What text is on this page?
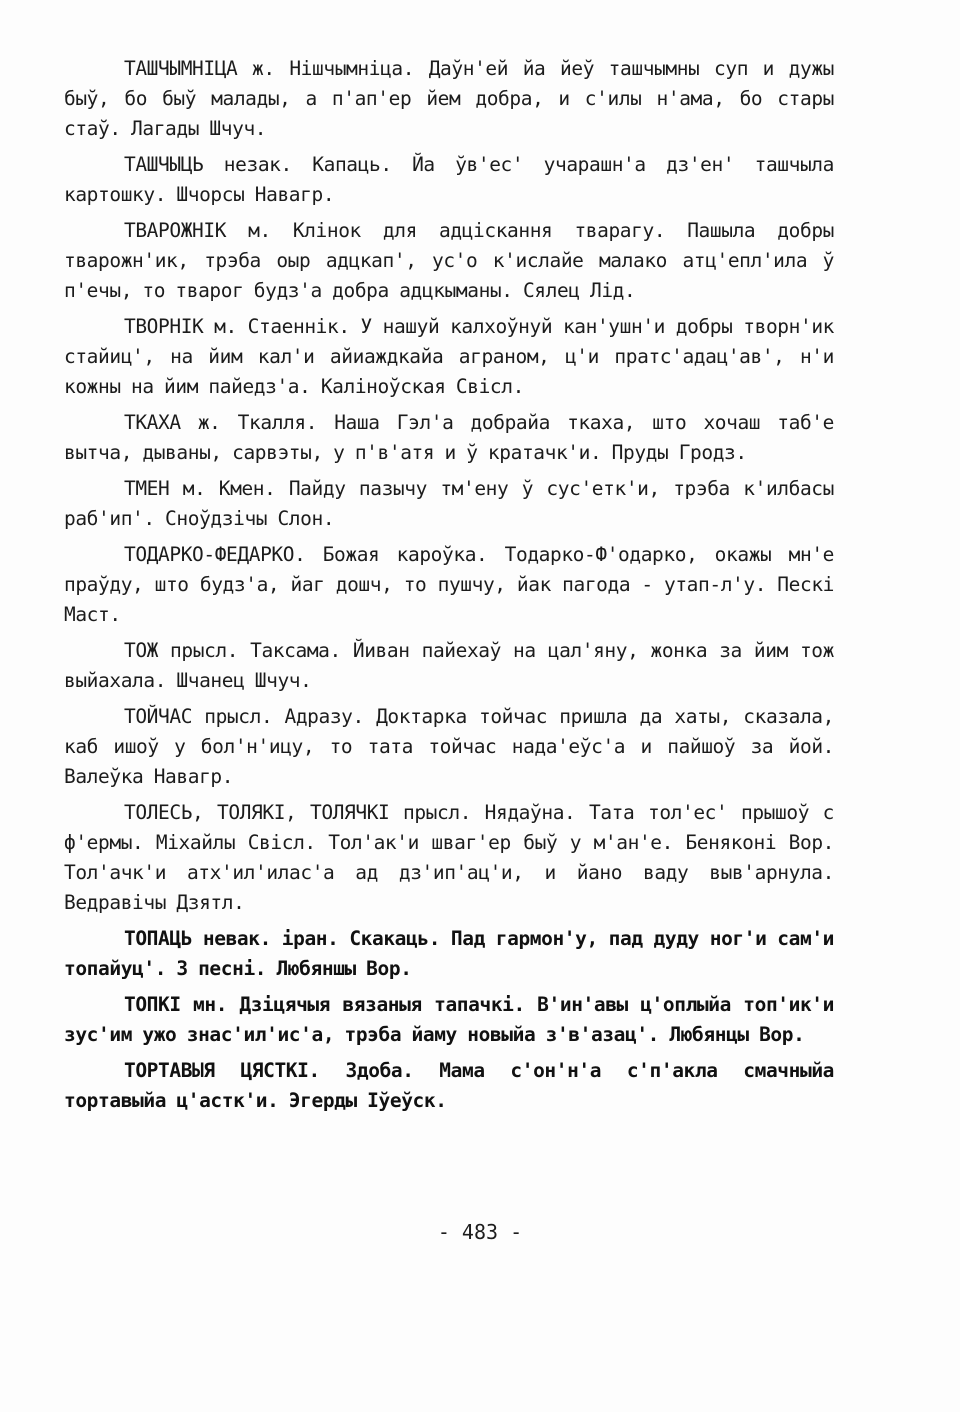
ТАШЧЫМНІЦА ж. Нішчымніца. Даўн'ей йа йеў ташчымны суп и дужы быў, бо быў малады, а п'ап'ер йем добра, и с'илы н'ама, бо стары стаў. Лагады Шчуч.

ТАШЧЫЦЬ незак. Капаць. Йа ўв'ес' учарашн'а дз'ен' ташчыла картошку. Шчорсы Навагр.

ТВАРОЖНІК м. Клінок для адціскання тварагу. Пашыла добры тварожн'ик, трэба оыр адцкап', ус'о к'ислайе малако атц'епл'ила ў п'ечы, то тварог будз'а добра адцкыманы. Сялец Лід.

ТВОРНІК м. Стаеннік. У нашуй калхоўнуй кан'ушн'и добры творн'ик стайиц', на йим кал'и айиаждкайа аграном, ц'и пратс'адац'ав', н'и кожны на йим пайедз'а. Каліноўская Свісл.

ТКАХА ж. Ткалля. Наша Гэл'а добрайа ткаха, што хочаш таб'е вытча, дываны, сарвэты, у п'в'атя и ў кратачк'и. Пруды Гродз.

ТМЕН м. Кмен. Пайду пазычу тм'ену ў сус'етк'и, трэба к'илбасы раб'ип'. Сноўдзічы Слон.

ТОДАРКО-ФЕДАРКО. Божая кароўка. Тодарко-Ф'одарко, окажы мн'е праўду, што будз'а, йаг дошч, то пушчу, йак пагода - утап-л'у. Пескі Маст.

ТОЖ прысл. Таксама. Йиван пайехаў на цал'яну, жонка за йим тож выйахала. Шчанец Шчуч.

ТОЙЧАС прысл. Адразу. Доктарка тойчас пришла да хаты, сказала, каб ишоў у бол'н'ицу, то тата тойчас нада'еўс'а и пайшоў за йой. Валеўка Навагр.

ТОЛЕСЬ, ТОЛЯКІ, ТОЛЯЧКІ прысл. Нядаўна. Тата тол'ес' прышоў с ф'ермы. Міхайлы Свісл. Тол'ак'и шваг'ер быў у м'ан'е. Беняконі Вор. Тол'ачк'и атх'ил'илас'а ад дз'ип'ац'и, и йано ваду выв'арнула. Ведравічы Дзятл.

ТОПАЦЬ невак. іран. Скакаць. Пад гармон'у, пад дуду ног'и сам'и топайуц'. З песні. Любяншы Вор.

ТОПКІ мн. Дзіцячыя вязаныя тапачкі. В'ин'авы ц'оплыйа топ'ик'и зус'им ужо знас'ил'ис'а, трэба йаму новыйа з'в'азац'. Любянцы Вор.

ТОРТАВЫЯ ЦЯСТКІ. Здоба. Мама с'он'н'а с'п'акла смачныйа тортавыйа ц'астк'и. Эгерды Іўеўск.

- 483 -
